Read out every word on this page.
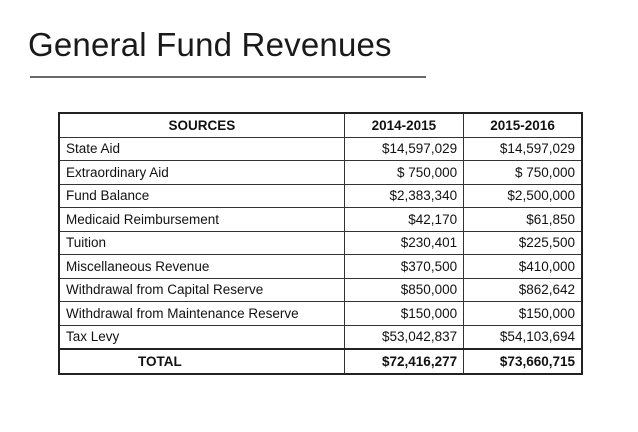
General Fund Revenues
SOURCES	2014-2015	2015-2016
State Aid	$14,597,029	$14,597,029
Extraordinary Aid	$ 750,000	$ 750,000
Fund Balance	$2,383,340	$2,500,000
Medicaid Reimbursement	$42,170	$61,850
Tuition	$230,401	$225,500
Miscellaneous Revenue	$370,500	$410,000
Withdrawal from Capital Reserve	$850,000	$862,642
Withdrawal from Maintenance Reserve	$150,000	$150,000
Tax Levy	$53,042,837	$54,103,694
TOTAL	$72,416,277	$73,660,715
